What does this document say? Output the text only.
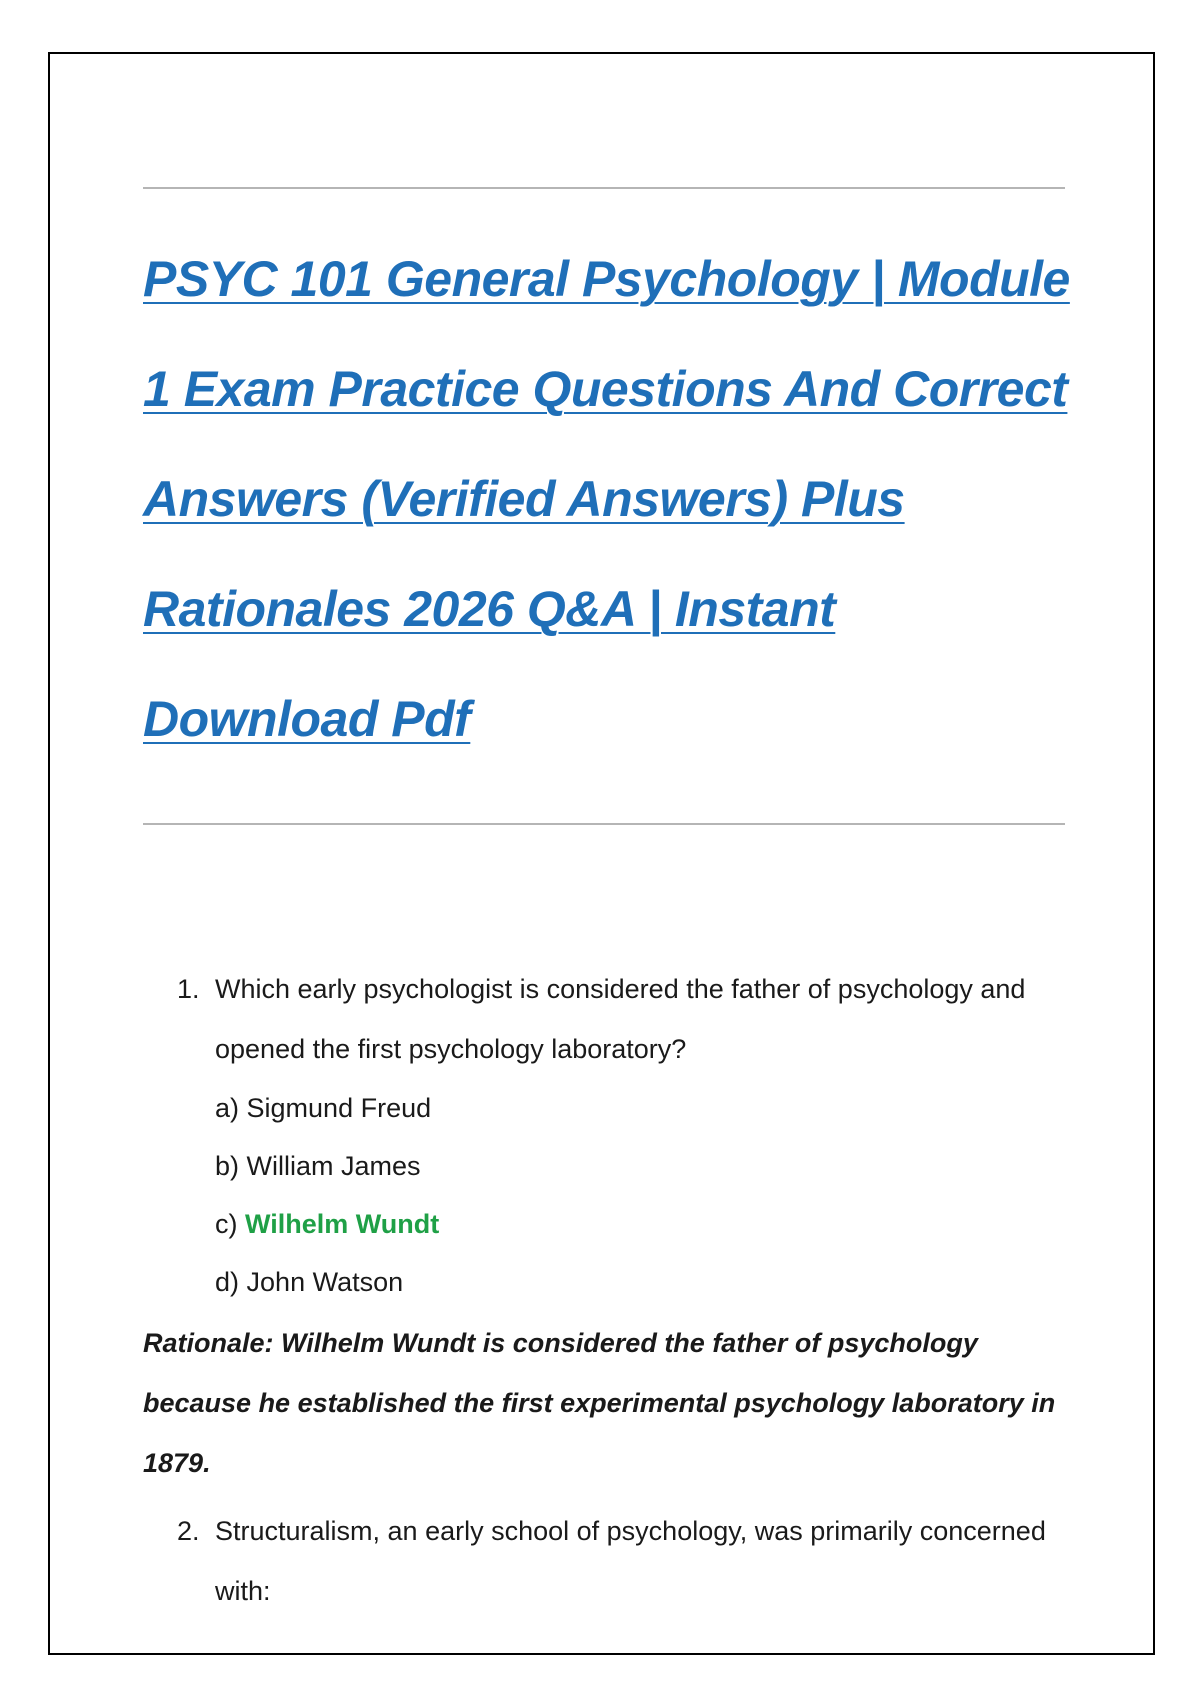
PSYC 101 General Psychology | Module
1 Exam Practice Questions And Correct
Answers (Verified Answers) Plus
Rationales 2026 Q&A | Instant
Download Pdf
1. Which early psychologist is considered the father of psychology and opened the first psychology laboratory?
a) Sigmund Freud
b) William James
c) Wilhelm Wundt
d) John Watson
Rationale: Wilhelm Wundt is considered the father of psychology because he established the first experimental psychology laboratory in 1879.
2. Structuralism, an early school of psychology, was primarily concerned with:
